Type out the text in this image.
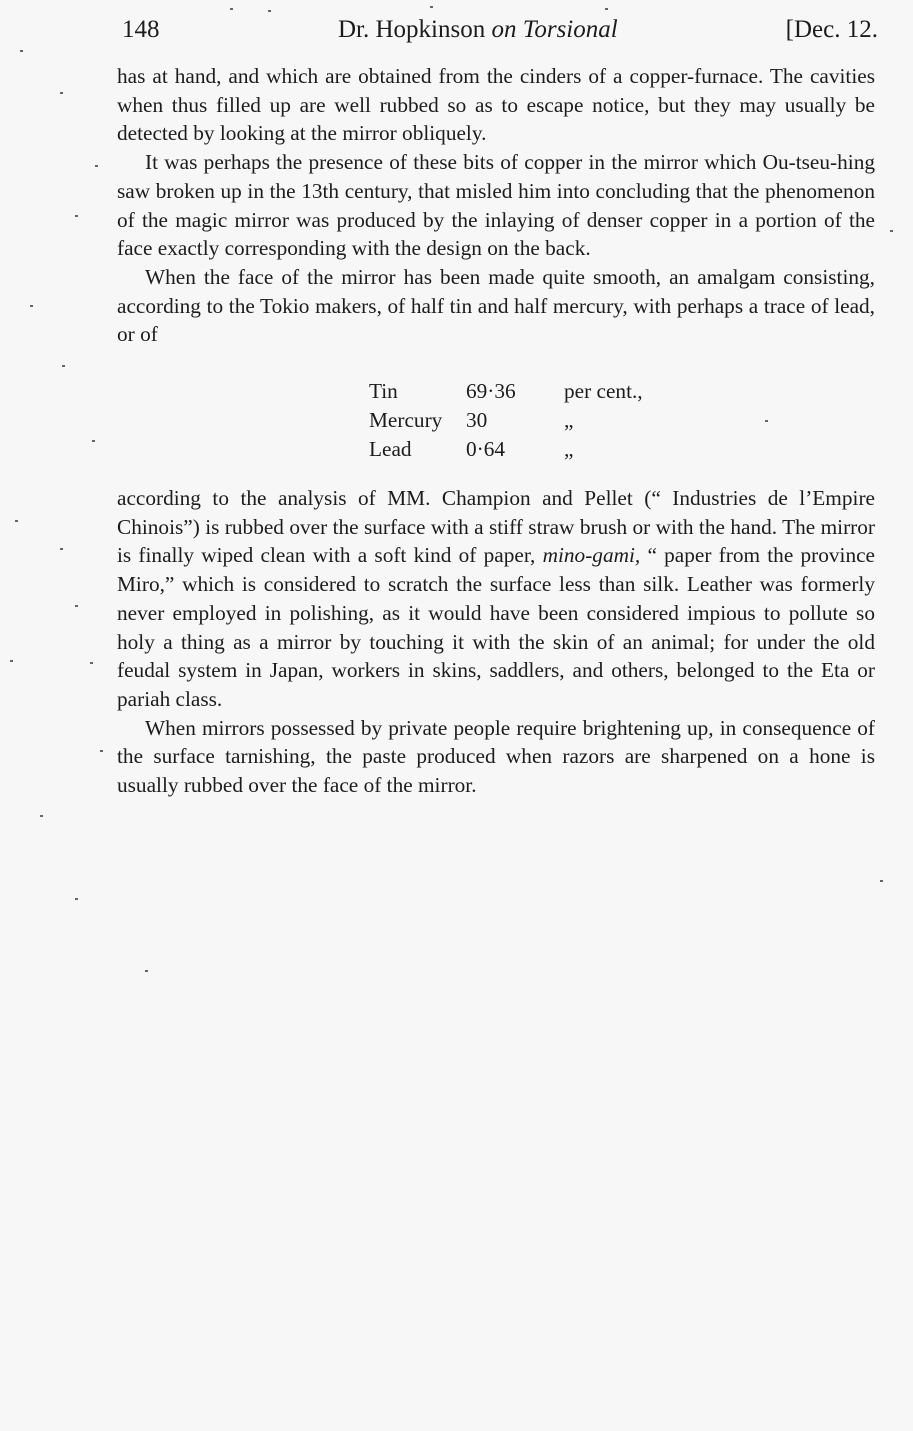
148	Dr. Hopkinson on Torsional	[Dec. 12.

has at hand, and which are obtained from the cinders of a copper-furnace. The cavities when thus filled up are well rubbed so as to escape notice, but they may usually be detected by looking at the mirror obliquely.

It was perhaps the presence of these bits of copper in the mirror which Ou-tseu-hing saw broken up in the 13th century, that misled him into concluding that the phenomenon of the magic mirror was produced by the inlaying of denser copper in a portion of the face exactly corresponding with the design on the back.

When the face of the mirror has been made quite smooth, an amalgam consisting, according to the Tokio makers, of half tin and half mercury, with perhaps a trace of lead, or of

Tin	69·36	per cent.,
Mercury	30	„
Lead	0·64	„

according to the analysis of MM. Champion and Pellet (“ Industries de l’Empire Chinois”) is rubbed over the surface with a stiff straw brush or with the hand. The mirror is finally wiped clean with a soft kind of paper, mino-gami, “ paper from the province Miro,” which is considered to scratch the surface less than silk. Leather was formerly never employed in polishing, as it would have been considered impious to pollute so holy a thing as a mirror by touching it with the skin of an animal; for under the old feudal system in Japan, workers in skins, saddlers, and others, belonged to the Eta or pariah class.

When mirrors possessed by private people require brightening up, in consequence of the surface tarnishing, the paste produced when razors are sharpened on a hone is usually rubbed over the face of the mirror.
